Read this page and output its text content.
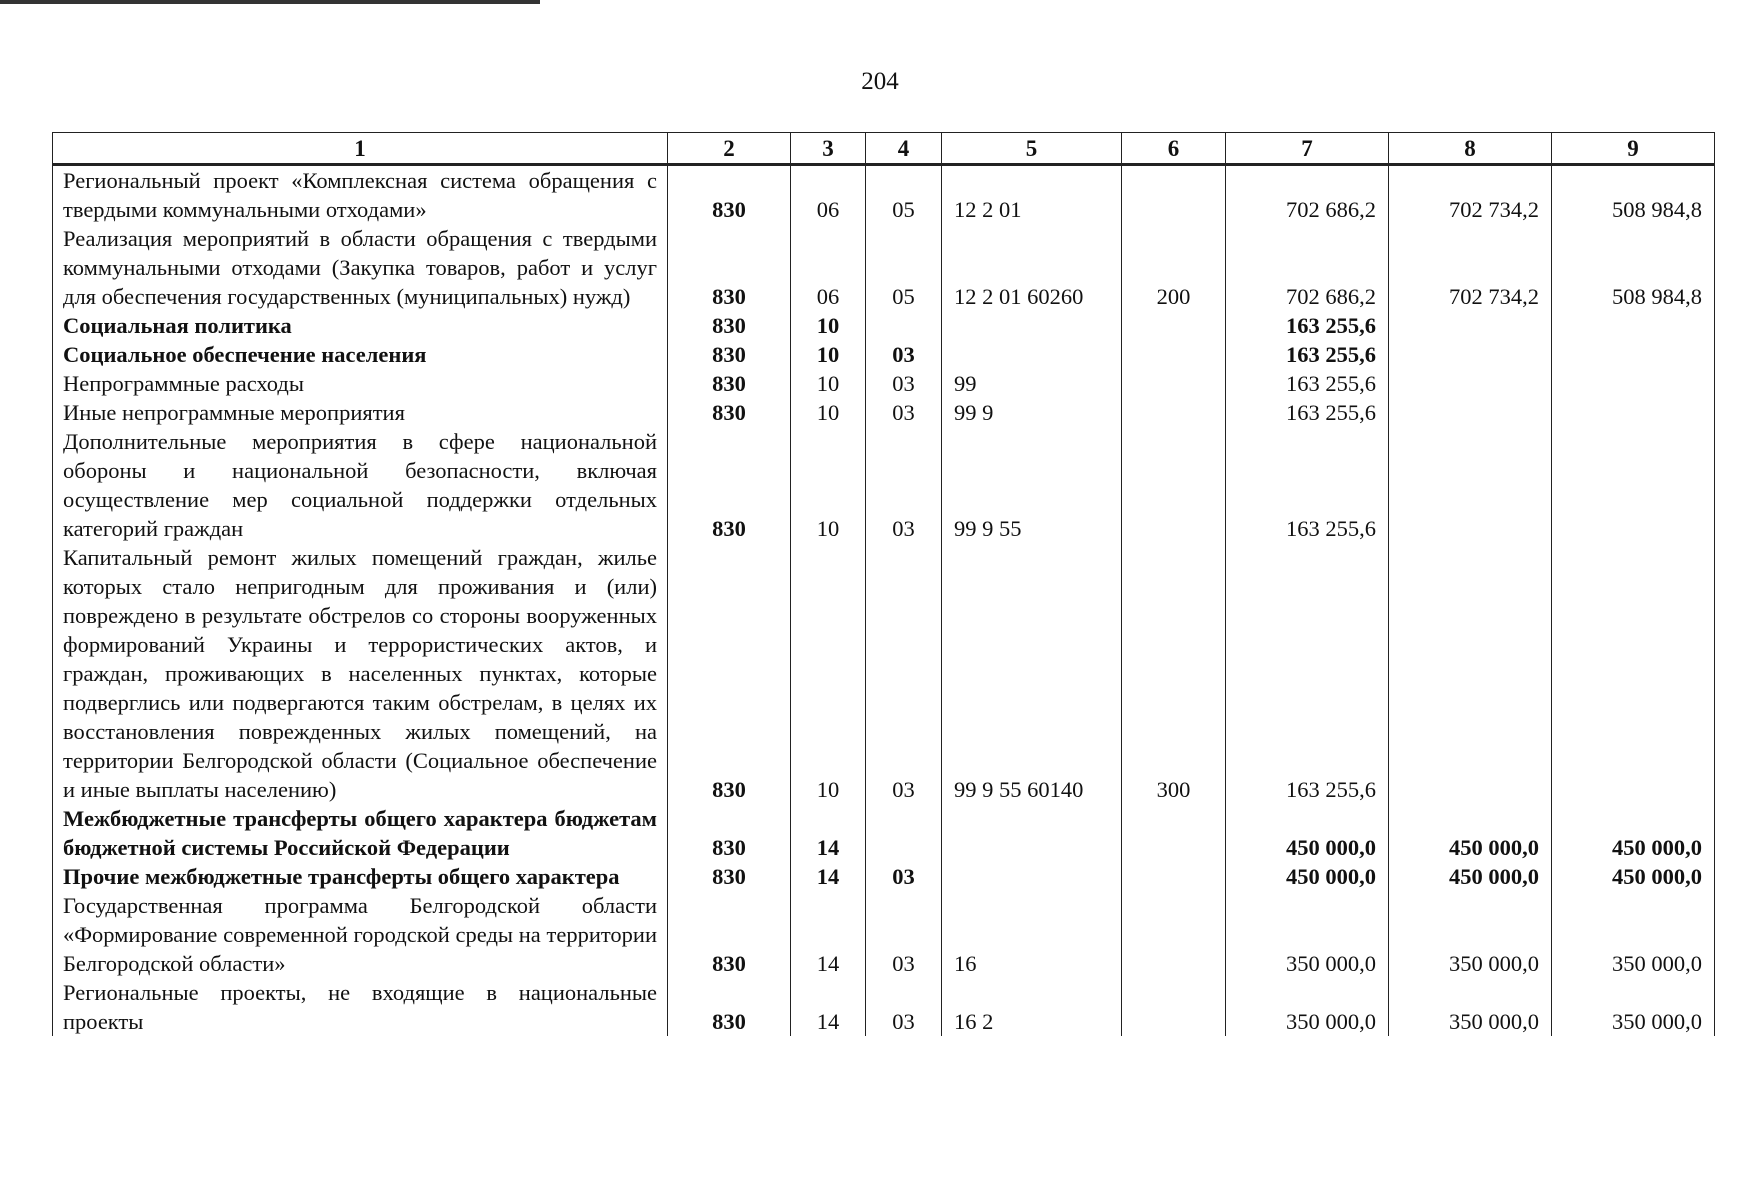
204
1	2	3	4	5	6	7	8	9
Региональный проект «Комплексная система обращения с твердыми коммунальными отходами»	830	06	05	12 2 01		702 686,2	702 734,2	508 984,8
Реализация мероприятий в области обращения с твердыми коммунальными отходами (Закупка товаров, работ и услуг для обеспечения государственных (муниципальных) нужд)	830	06	05	12 2 01 60260	200	702 686,2	702 734,2	508 984,8
Социальная политика	830	10				163 255,6		
Социальное обеспечение населения	830	10	03			163 255,6		
Непрограммные расходы	830	10	03	99		163 255,6		
Иные непрограммные мероприятия	830	10	03	99 9		163 255,6		
Дополнительные мероприятия в сфере национальной обороны и национальной безопасности, включая осуществление мер социальной поддержки отдельных категорий граждан	830	10	03	99 9 55		163 255,6		
Капитальный ремонт жилых помещений граждан, жилье которых стало непригодным для проживания и (или) повреждено в результате обстрелов со стороны вооруженных формирований Украины и террористических актов, и граждан, проживающих в населенных пунктах, которые подверглись или подвергаются таким обстрелам, в целях их восстановления поврежденных жилых помещений, на территории Белгородской области (Социальное обеспечение и иные выплаты населению)	830	10	03	99 9 55 60140	300	163 255,6		
Межбюджетные трансферты общего характера бюджетам бюджетной системы Российской Федерации	830	14				450 000,0	450 000,0	450 000,0
Прочие межбюджетные трансферты общего характера	830	14	03			450 000,0	450 000,0	450 000,0
Государственная программа Белгородской области «Формирование современной городской среды на территории Белгородской области»	830	14	03	16		350 000,0	350 000,0	350 000,0
Региональные проекты, не входящие в национальные проекты	830	14	03	16 2		350 000,0	350 000,0	350 000,0
